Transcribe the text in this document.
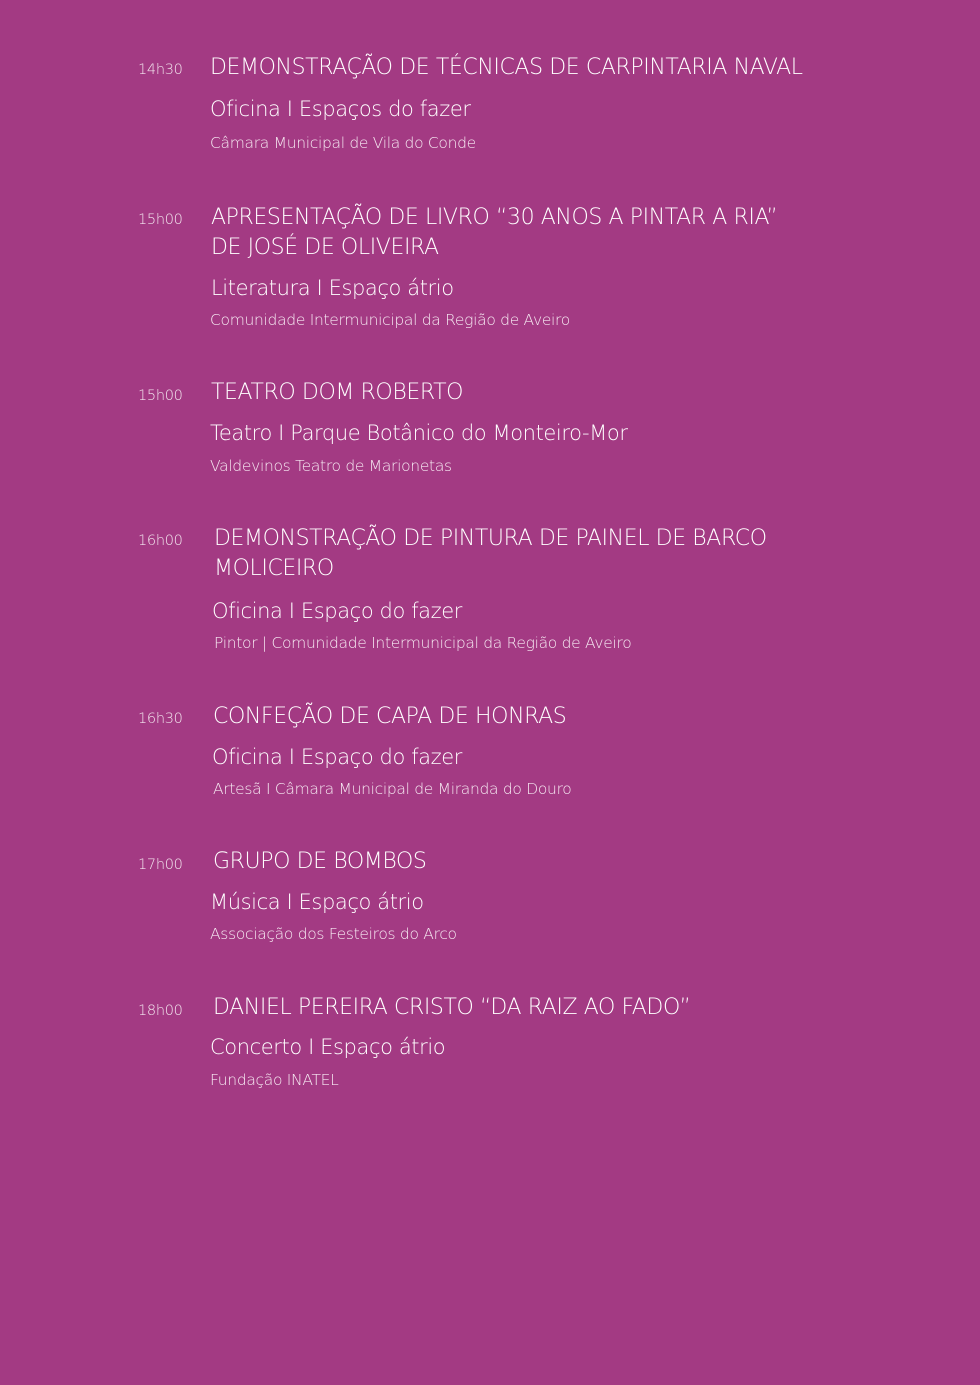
14h30 DEMONSTRAÇÃO DE TÉCNICAS DE CARPINTARIA NAVAL
Oficina I Espaços do fazer
Câmara Municipal de Vila do Conde
15h00 APRESENTAÇÃO DE LIVRO “30 ANOS A PINTAR A RIA”
DE JOSÉ DE OLIVEIRA
Literatura I Espaço átrio
Comunidade Intermunicipal da Região de Aveiro
15h00 TEATRO DOM ROBERTO
Teatro I Parque Botânico do Monteiro-Mor
Valdevinos Teatro de Marionetas
16h00 DEMONSTRAÇÃO DE PINTURA DE PAINEL DE BARCO
MOLICEIRO
Oficina I Espaço do fazer
Pintor | Comunidade Intermunicipal da Região de Aveiro
16h30 CONFEÇÃO DE CAPA DE HONRAS
Oficina I Espaço do fazer
Artesã I Câmara Municipal de Miranda do Douro
17h00 GRUPO DE BOMBOS
Música I Espaço átrio
Associação dos Festeiros do Arco
18h00 DANIEL PEREIRA CRISTO “DA RAIZ AO FADO”
Concerto I Espaço átrio
Fundação INATEL
